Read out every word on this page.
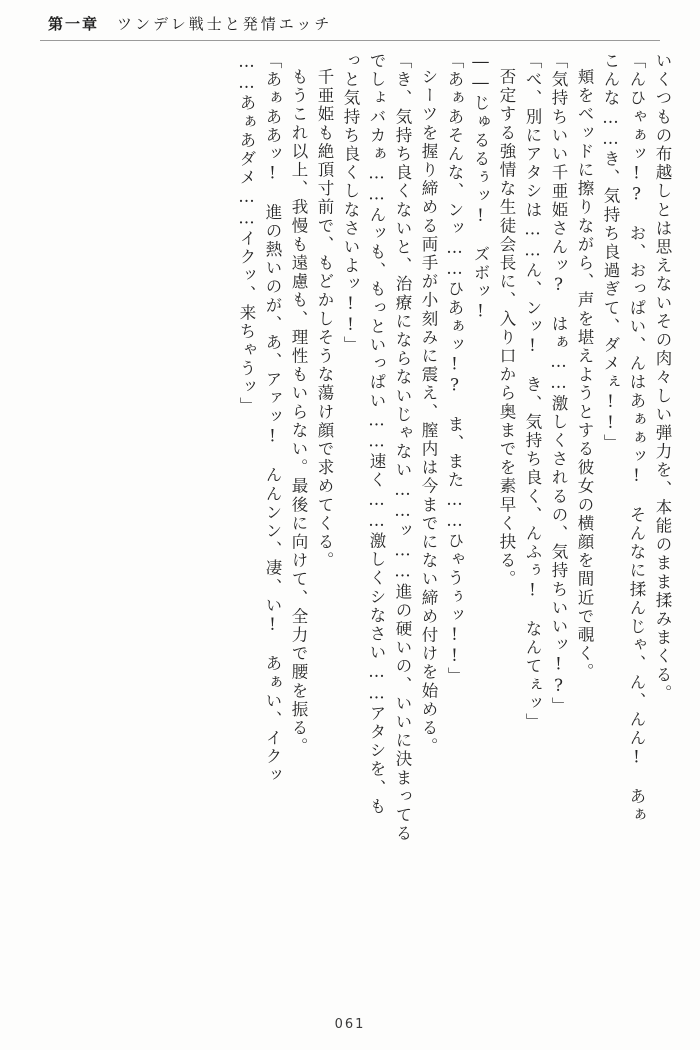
第一章 ツンデレ戦士と発情エッチ
いくつもの布越しとは思えないその肉々しい弾力を、本能のまま揉みまくる。
「んひゃぁッ!?　お、おっぱい、んはあぁぁッ!　そんなに揉んじゃ、ん、んん!　あぁ
こんな……き、気持ち良過ぎて、ダメぇ!!」
頬をベッドに擦りながら、声を堪えようとする彼女の横顔を間近で覗く。
「気持ちいい千亜姫さんッ?　はぁ……激しくされるの、気持ちいいッ!?」
「べ、別にアタシは……ん、ンッ!　き、気持ち良く、んふぅ!　なんてぇッ」
否定する強情な生徒会長に、入り口から奥までを素早く抉る。
――じゅるるぅッ!　ズボッ!
「あぁあそんな、ンッ……ひあぁッ!?　ま、また……ひゃうぅッ!!」
シーツを握り締める両手が小刻みに震え、膣内は今までにない締め付けを始める。
「き、気持ち良くないと、治療にならないじゃない……ッ……進の硬いの、いいに決まってる
でしょバカぁ……んッも、もっといっぱい……速く……激しくシなさい……アタシを、も
っと気持ち良くしなさいよッ!!」
千亜姫も絶頂寸前で、もどかしそうな蕩け顔で求めてくる。
もうこれ以上、我慢も遠慮も、理性もいらない。最後に向けて、全力で腰を振る。
「あぁああッ!　進の熱いのが、あ、アァッ!　んんンン、凄、い!　あぁい、イクッ
……あぁあダメ……イクッ、来ちゃうッ」
061
